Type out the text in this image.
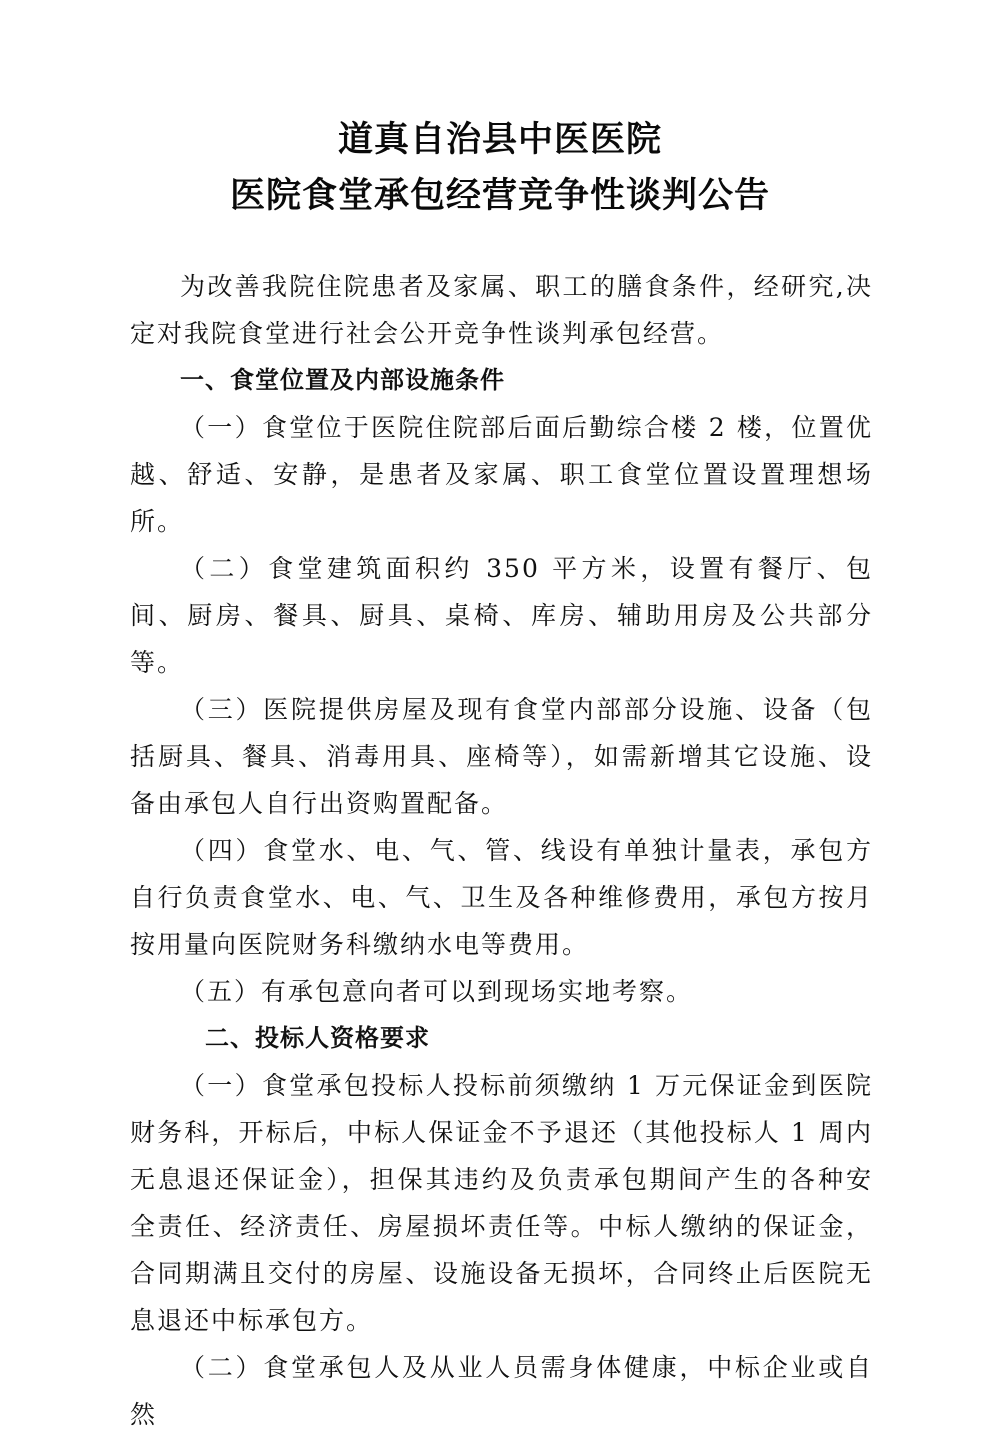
道真自治县中医医院
医院食堂承包经营竞争性谈判公告

为改善我院住院患者及家属、职工的膳食条件，经研究,决定对我院食堂进行社会公开竞争性谈判承包经营。

一、食堂位置及内部设施条件

（一）食堂位于医院住院部后面后勤综合楼 2 楼，位置优越、舒适、安静，是患者及家属、职工食堂位置设置理想场所。

（二）食堂建筑面积约 350 平方米，设置有餐厅、包间、厨房、餐具、厨具、桌椅、库房、辅助用房及公共部分等。

（三）医院提供房屋及现有食堂内部部分设施、设备（包括厨具、餐具、消毒用具、座椅等），如需新增其它设施、设备由承包人自行出资购置配备。

（四）食堂水、电、气、管、线设有单独计量表，承包方自行负责食堂水、电、气、卫生及各种维修费用，承包方按月按用量向医院财务科缴纳水电等费用。

（五）有承包意向者可以到现场实地考察。

二、投标人资格要求

（一）食堂承包投标人投标前须缴纳 1 万元保证金到医院财务科，开标后，中标人保证金不予退还（其他投标人 1 周内无息退还保证金），担保其违约及负责承包期间产生的各种安全责任、经济责任、房屋损坏责任等。中标人缴纳的保证金，合同期满且交付的房屋、设施设备无损坏，合同终止后医院无息退还中标承包方。

（二）食堂承包人及从业人员需身体健康，中标企业或自然
